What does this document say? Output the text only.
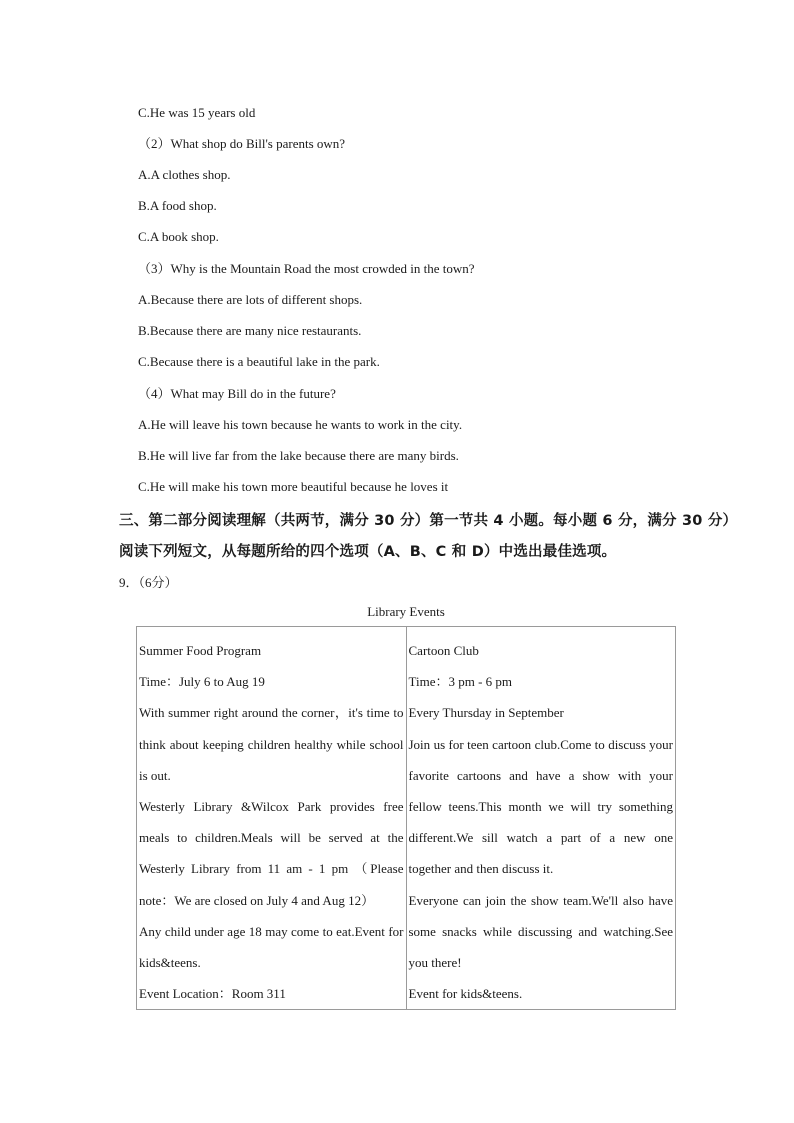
C.He was 15 years old
（2）What shop do Bill's parents own?
A.A clothes shop.
B.A food shop.
C.A book shop.
（3）Why is the Mountain Road the most crowded in the town?
A.Because there are lots of different shops.
B.Because there are many nice restaurants.
C.Because there is a beautiful lake in the park.
（4）What may Bill do in the future?
A.He will leave his town because he wants to work in the city.
B.He will live far from the lake because there are many birds.
C.He will make his town more beautiful because he loves it
三、第二部分阅读理解（共两节，满分 30 分）第一节共 4 小题。每小题 6 分，满分 30 分）
阅读下列短文，从每题所给的四个选项（A、B、C 和 D）中选出最佳选项。
9．（6分）
Library Events

Summer Food Program

Time：July 6 to Aug 19

With summer right around the corner，it's time to think about keeping children healthy while school is out.

Westerly Library &Wilcox Park provides free meals to children.Meals will be served at the Westerly Library from 11 am - 1 pm （Please note：We are closed on July 4 and Aug 12）

Any child under age 18 may come to eat.Event for kids&teens.

Event Location：Room 311

Cartoon Club

Time：3 pm - 6 pm

Every Thursday in September

Join us for teen cartoon club.Come to discuss your favorite cartoons and have a show with your fellow teens.This month we will try something different.We sill watch a part of a new one together and then discuss it.

Everyone can join the show team.We'll also have some snacks while discussing and watching.See you there!

Event for kids&teens.
